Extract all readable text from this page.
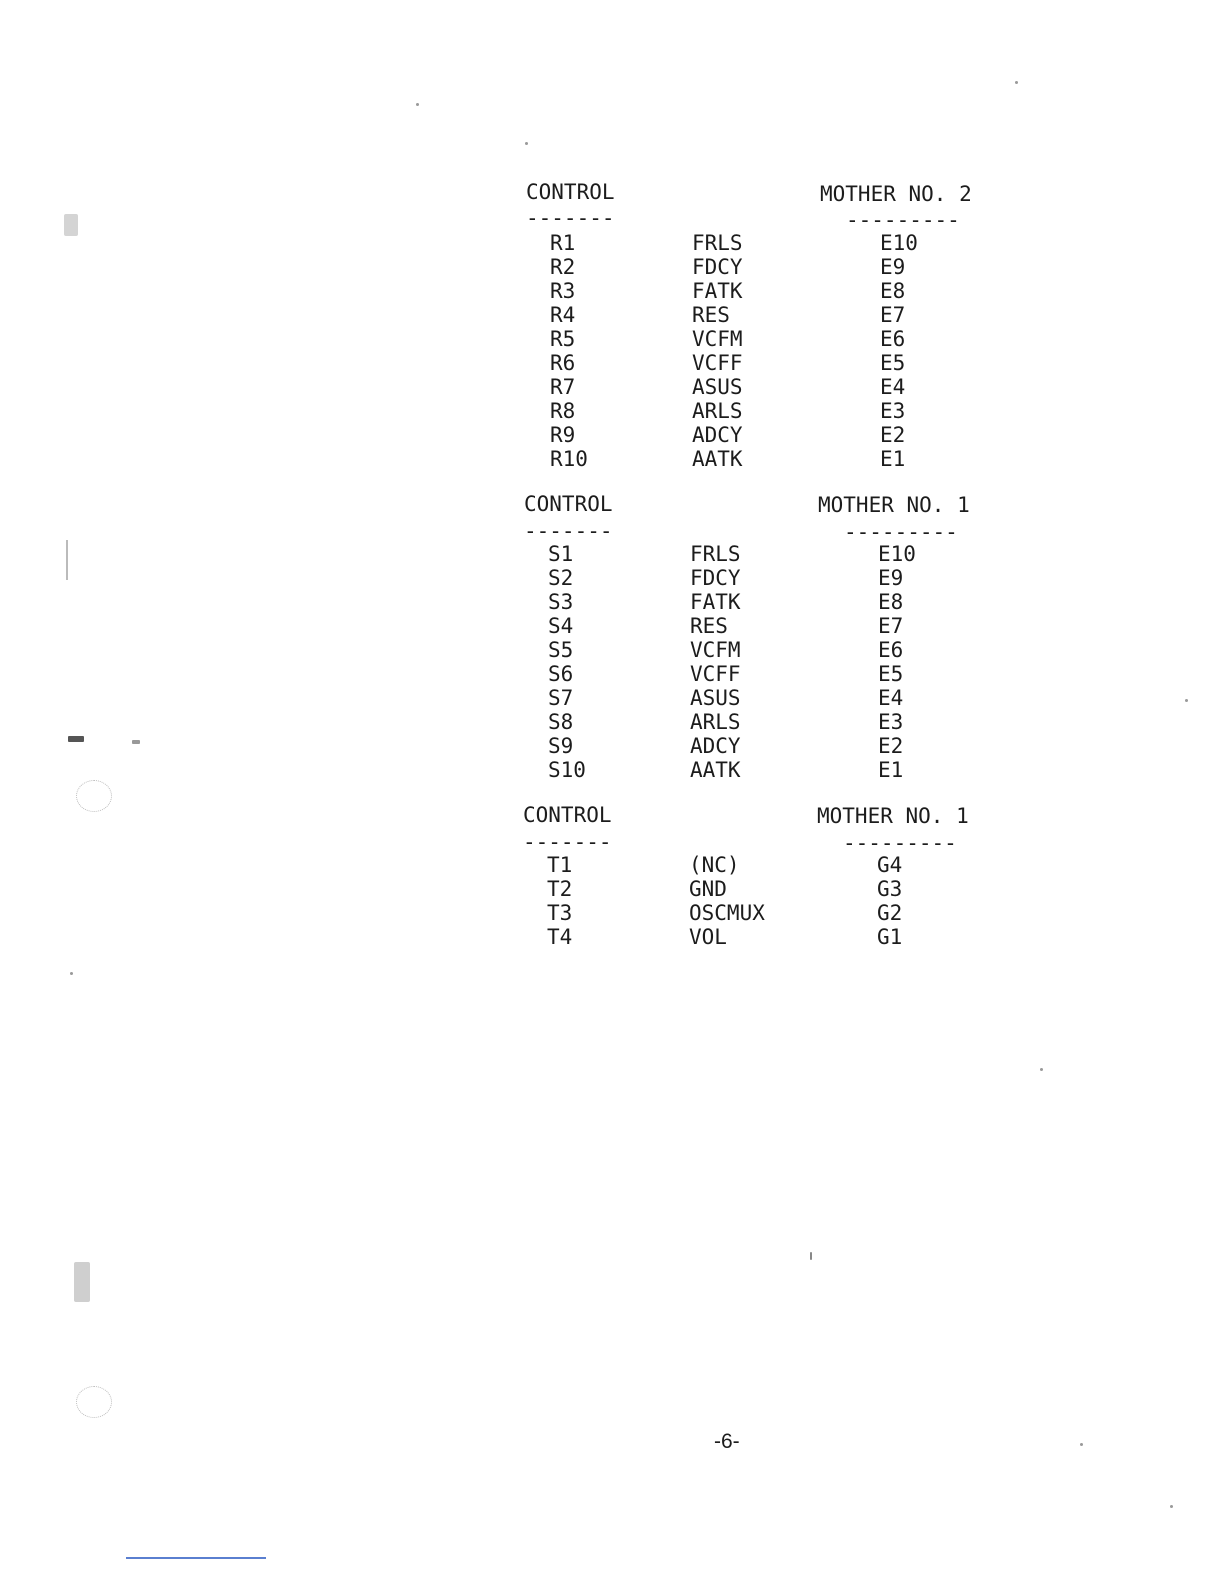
CONTROL	MOTHER NO. 2
-------	---------
R1	FRLS	E10
R2	FDCY	E9
R3	FATK	E8
R4	RES	E7
R5	VCFM	E6
R6	VCFF	E5
R7	ASUS	E4
R8	ARLS	E3
R9	ADCY	E2
R10	AATK	E1
CONTROL	MOTHER NO. 1
-------	---------
S1	FRLS	E10
S2	FDCY	E9
S3	FATK	E8
S4	RES	E7
S5	VCFM	E6
S6	VCFF	E5
S7	ASUS	E4
S8	ARLS	E3
S9	ADCY	E2
S10	AATK	E1
CONTROL	MOTHER NO. 1
-------	---------
T1	(NC)	G4
T2	GND	G3
T3	OSCMUX	G2
T4	VOL	G1
-6-
